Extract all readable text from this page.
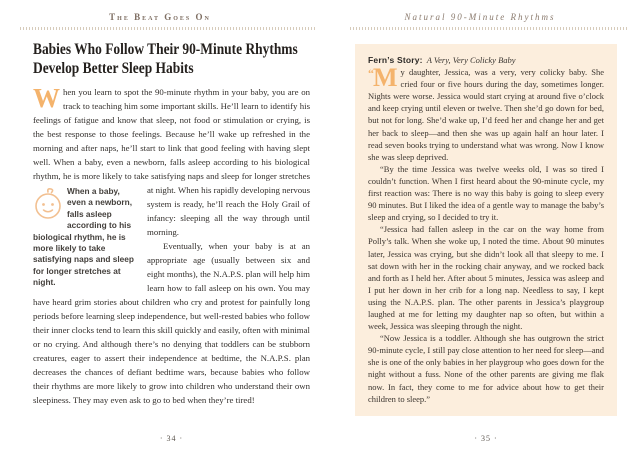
The Beat Goes On
Babies Who Follow Their 90-Minute Rhythms
Develop Better Sleep Habits

W hen you learn to spot the 90-minute rhythm in your baby, you are on track to teaching him some important skills. He’ll learn to identify his feelings of fatigue and know that sleep, not food or stimulation or crying, is the best response to those feelings. Because he’ll wake up refreshed in the morning and after naps, he’ll start to link that good feeling with having slept well. When a baby, even a newborn, falls asleep according to his biological rhythm, he is more likely to take satisfying naps and sleep for
When a baby, even a newborn, falls asleep according to his biological rhythm, he is more likely to take satisfying naps and sleep for longer stretches at night.
longer stretches at night. When his rapidly developing nervous system is ready, he’ll reach the Holy Grail of infancy: sleeping all the way through until morning.

Eventually, when your baby is at an appropriate age (usually between six and eight months), the N.A.P.S. plan will help him learn how to fall asleep on his own. You may have heard grim stories about children who cry and protest for painfully long periods before learning sleep independence, but well-rested babies who follow their inner clocks tend to learn this skill quickly and easily, often with minimal or no crying. And although there’s no denying that toddlers can be stubborn creatures, eager to assert their independence at bedtime, the N.A.P.S. plan decreases the chances of defiant bedtime wars, because babies who follow their rhythms are more likely to grow into children who understand their own sleepiness. They may even ask to go to bed when they’re tired!

· 34 ·
Natural 90-Minute Rhythms

Fern’s Story: A Very, Very Colicky Baby

“M y daughter, Jessica, was a very, very colicky baby. She cried four or five hours during the day, sometimes longer. Nights were worse. Jessica would start crying at around five o’clock and keep crying until eleven or twelve. Then she’d go down for bed, but not for long. She’d wake up, I’d feed her and change her and get her back to sleep—and then she was up again half an hour later. I read seven books trying to understand what was wrong. Now I know she was sleep deprived.

“By the time Jessica was twelve weeks old, I was so tired I couldn’t function. When I first heard about the 90-minute cycle, my first reaction was: There is no way this baby is going to sleep every 90 minutes. But I liked the idea of a gentle way to manage the baby’s sleep and crying, so I decided to try it.

“Jessica had fallen asleep in the car on the way home from Polly’s talk. When she woke up, I noted the time. About 90 minutes later, Jessica was crying, but she didn’t look all that sleepy to me. I sat down with her in the rocking chair anyway, and we rocked back and forth as I held her. After about 5 minutes, Jessica was asleep and I put her down in her crib for a long nap. Needless to say, I kept using the N.A.P.S. plan. The other parents in Jessica’s playgroup laughed at me for letting my daughter nap so often, but within a week, Jessica was sleeping through the night.

“Now Jessica is a toddler. Although she has outgrown the strict 90-minute cycle, I still pay close attention to her need for sleep—and she is one of the only babies in her playgroup who goes down for the night without a fuss. None of the other parents are giving me flak now. In fact, they come to me for advice about how to get their children to sleep.”

· 35 ·
